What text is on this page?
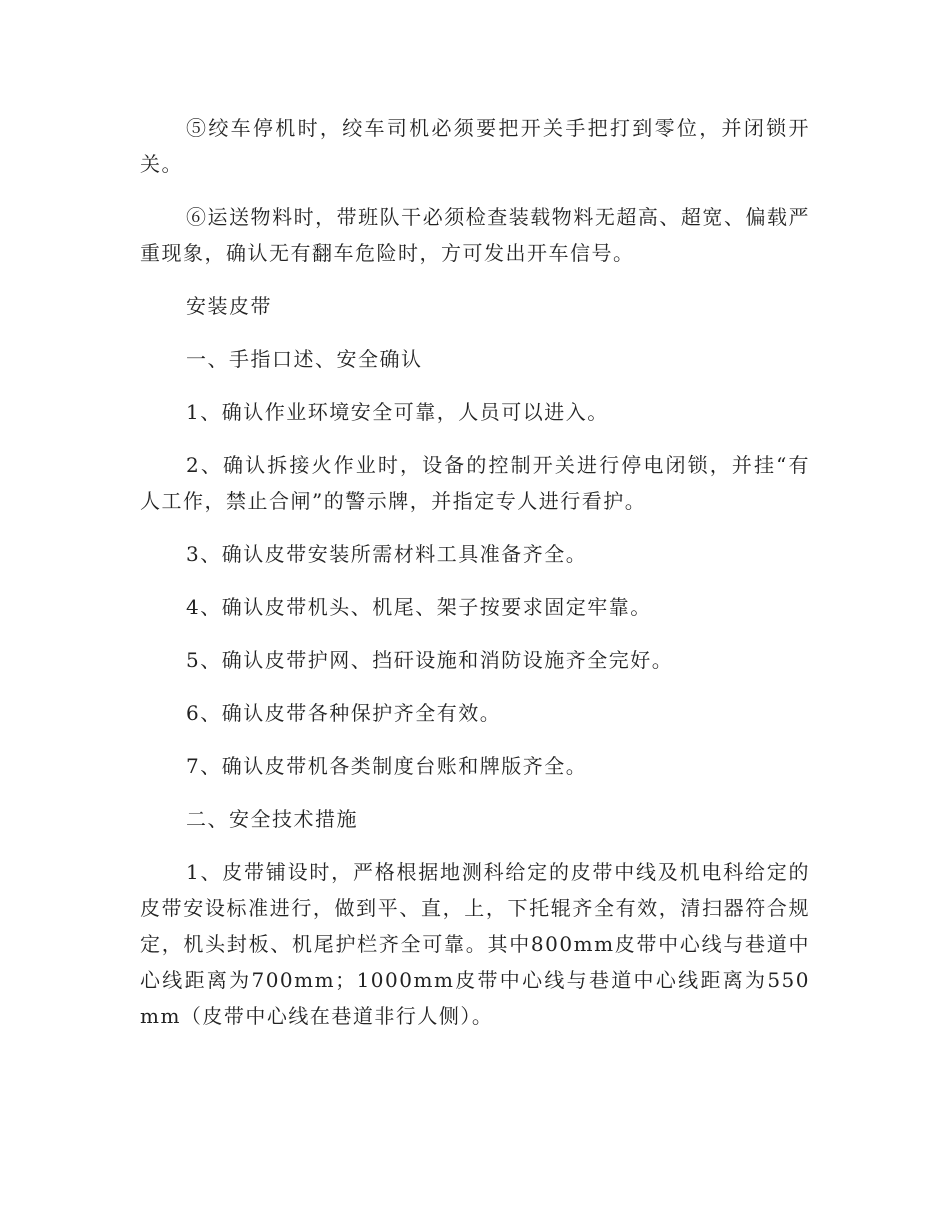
⑤绞车停机时，绞车司机必须要把开关手把打到零位，并闭锁开关。

⑥运送物料时，带班队干必须检查装载物料无超高、超宽、偏载严重现象，确认无有翻车危险时，方可发出开车信号。

安装皮带

一、手指口述、安全确认

1、确认作业环境安全可靠，人员可以进入。

2、确认拆接火作业时，设备的控制开关进行停电闭锁，并挂“有人工作，禁止合闸”的警示牌，并指定专人进行看护。

3、确认皮带安装所需材料工具准备齐全。

4、确认皮带机头、机尾、架子按要求固定牢靠。

5、确认皮带护网、挡矸设施和消防设施齐全完好。

6、确认皮带各种保护齐全有效。

7、确认皮带机各类制度台账和牌版齐全。

二、安全技术措施

1、皮带铺设时，严格根据地测科给定的皮带中线及机电科给定的皮带安设标准进行，做到平、直，上，下托辊齐全有效，清扫器符合规定，机头封板、机尾护栏齐全可靠。其中800mm皮带中心线与巷道中心线距离为700mm；1000mm皮带中心线与巷道中心线距离为550mm（皮带中心线在巷道非行人侧）。
